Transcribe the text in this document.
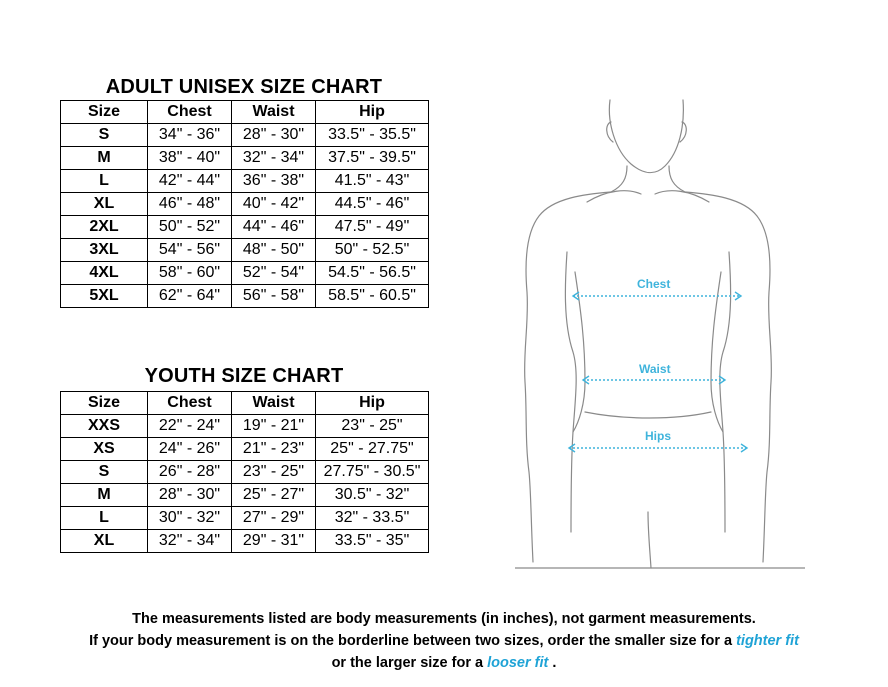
ADULT UNISEX SIZE CHART
Size	Chest	Waist	Hip
S	34" - 36"	28" - 30"	33.5" - 35.5"
M	38" - 40"	32" - 34"	37.5" - 39.5"
L	42" - 44"	36" - 38"	41.5" - 43"
XL	46" - 48"	40" - 42"	44.5" - 46"
2XL	50" - 52"	44" - 46"	47.5" - 49"
3XL	54" - 56"	48" - 50"	50" - 52.5"
4XL	58" - 60"	52" - 54"	54.5" - 56.5"
5XL	62" - 64"	56" - 58"	58.5" - 60.5"
YOUTH SIZE CHART
Size	Chest	Waist	Hip
XXS	22" - 24"	19" - 21"	23" - 25"
XS	24" - 26"	21" - 23"	25" - 27.75"
S	26" - 28"	23" - 25"	27.75" - 30.5"
M	28" - 30"	25" - 27"	30.5" - 32"
L	30" - 32"	27" - 29"	32" - 33.5"
XL	32" - 34"	29" - 31"	33.5" - 35"
Chest
Waist
Hips
The measurements listed are body measurements (in inches), not garment measurements.
If your body measurement is on the borderline between two sizes, order the smaller size for a tighter fit
or the larger size for a looser fit .
